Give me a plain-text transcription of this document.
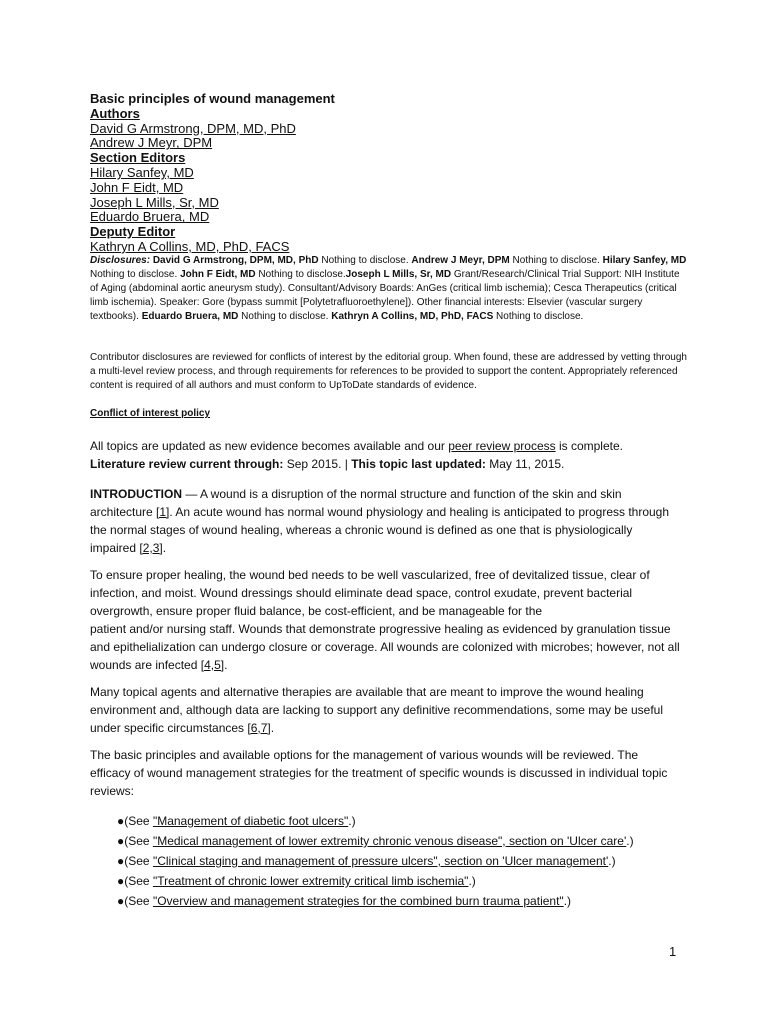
Basic principles of wound management
Authors
David G Armstrong, DPM, MD, PhD
Andrew J Meyr, DPM
Section Editors
Hilary Sanfey, MD
John F Eidt, MD
Joseph L Mills, Sr, MD
Eduardo Bruera, MD
Deputy Editor
Kathryn A Collins, MD, PhD, FACS
Disclosures: David G Armstrong, DPM, MD, PhD Nothing to disclose. Andrew J Meyr, DPM Nothing to disclose. Hilary Sanfey, MD Nothing to disclose. John F Eidt, MD Nothing to disclose.Joseph L Mills, Sr, MD Grant/Research/Clinical Trial Support: NIH Institute of Aging (abdominal aortic aneurysm study). Consultant/Advisory Boards: AnGes (critical limb ischemia); Cesca Therapeutics (critical limb ischemia). Speaker: Gore (bypass summit [Polytetrafluoroethylene]). Other financial interests: Elsevier (vascular surgery textbooks). Eduardo Bruera, MD Nothing to disclose. Kathryn A Collins, MD, PhD, FACS Nothing to disclose.
Contributor disclosures are reviewed for conflicts of interest by the editorial group. When found, these are addressed by vetting through a multi-level review process, and through requirements for references to be provided to support the content. Appropriately referenced content is required of all authors and must conform to UpToDate standards of evidence.
Conflict of interest policy

All topics are updated as new evidence becomes available and our peer review process is complete.
Literature review current through: Sep 2015. | This topic last updated: May 11, 2015.

INTRODUCTION — A wound is a disruption of the normal structure and function of the skin and skin architecture [1]. An acute wound has normal wound physiology and healing is anticipated to progress through the normal stages of wound healing, whereas a chronic wound is defined as one that is physiologically impaired [2,3].

To ensure proper healing, the wound bed needs to be well vascularized, free of devitalized tissue, clear of infection, and moist. Wound dressings should eliminate dead space, control exudate, prevent bacterial overgrowth, ensure proper fluid balance, be cost-efficient, and be manageable for the
patient and/or nursing staff. Wounds that demonstrate progressive healing as evidenced by granulation tissue and epithelialization can undergo closure or coverage. All wounds are colonized with microbes; however, not all wounds are infected [4,5].

Many topical agents and alternative therapies are available that are meant to improve the wound healing environment and, although data are lacking to support any definitive recommendations, some may be useful under specific circumstances [6,7].

The basic principles and available options for the management of various wounds will be reviewed. The efficacy of wound management strategies for the treatment of specific wounds is discussed in individual topic reviews:

●(See "Management of diabetic foot ulcers".)
●(See "Medical management of lower extremity chronic venous disease", section on 'Ulcer care'.)
●(See "Clinical staging and management of pressure ulcers", section on 'Ulcer management'.)
●(See "Treatment of chronic lower extremity critical limb ischemia".)
●(See "Overview and management strategies for the combined burn trauma patient".)
1
